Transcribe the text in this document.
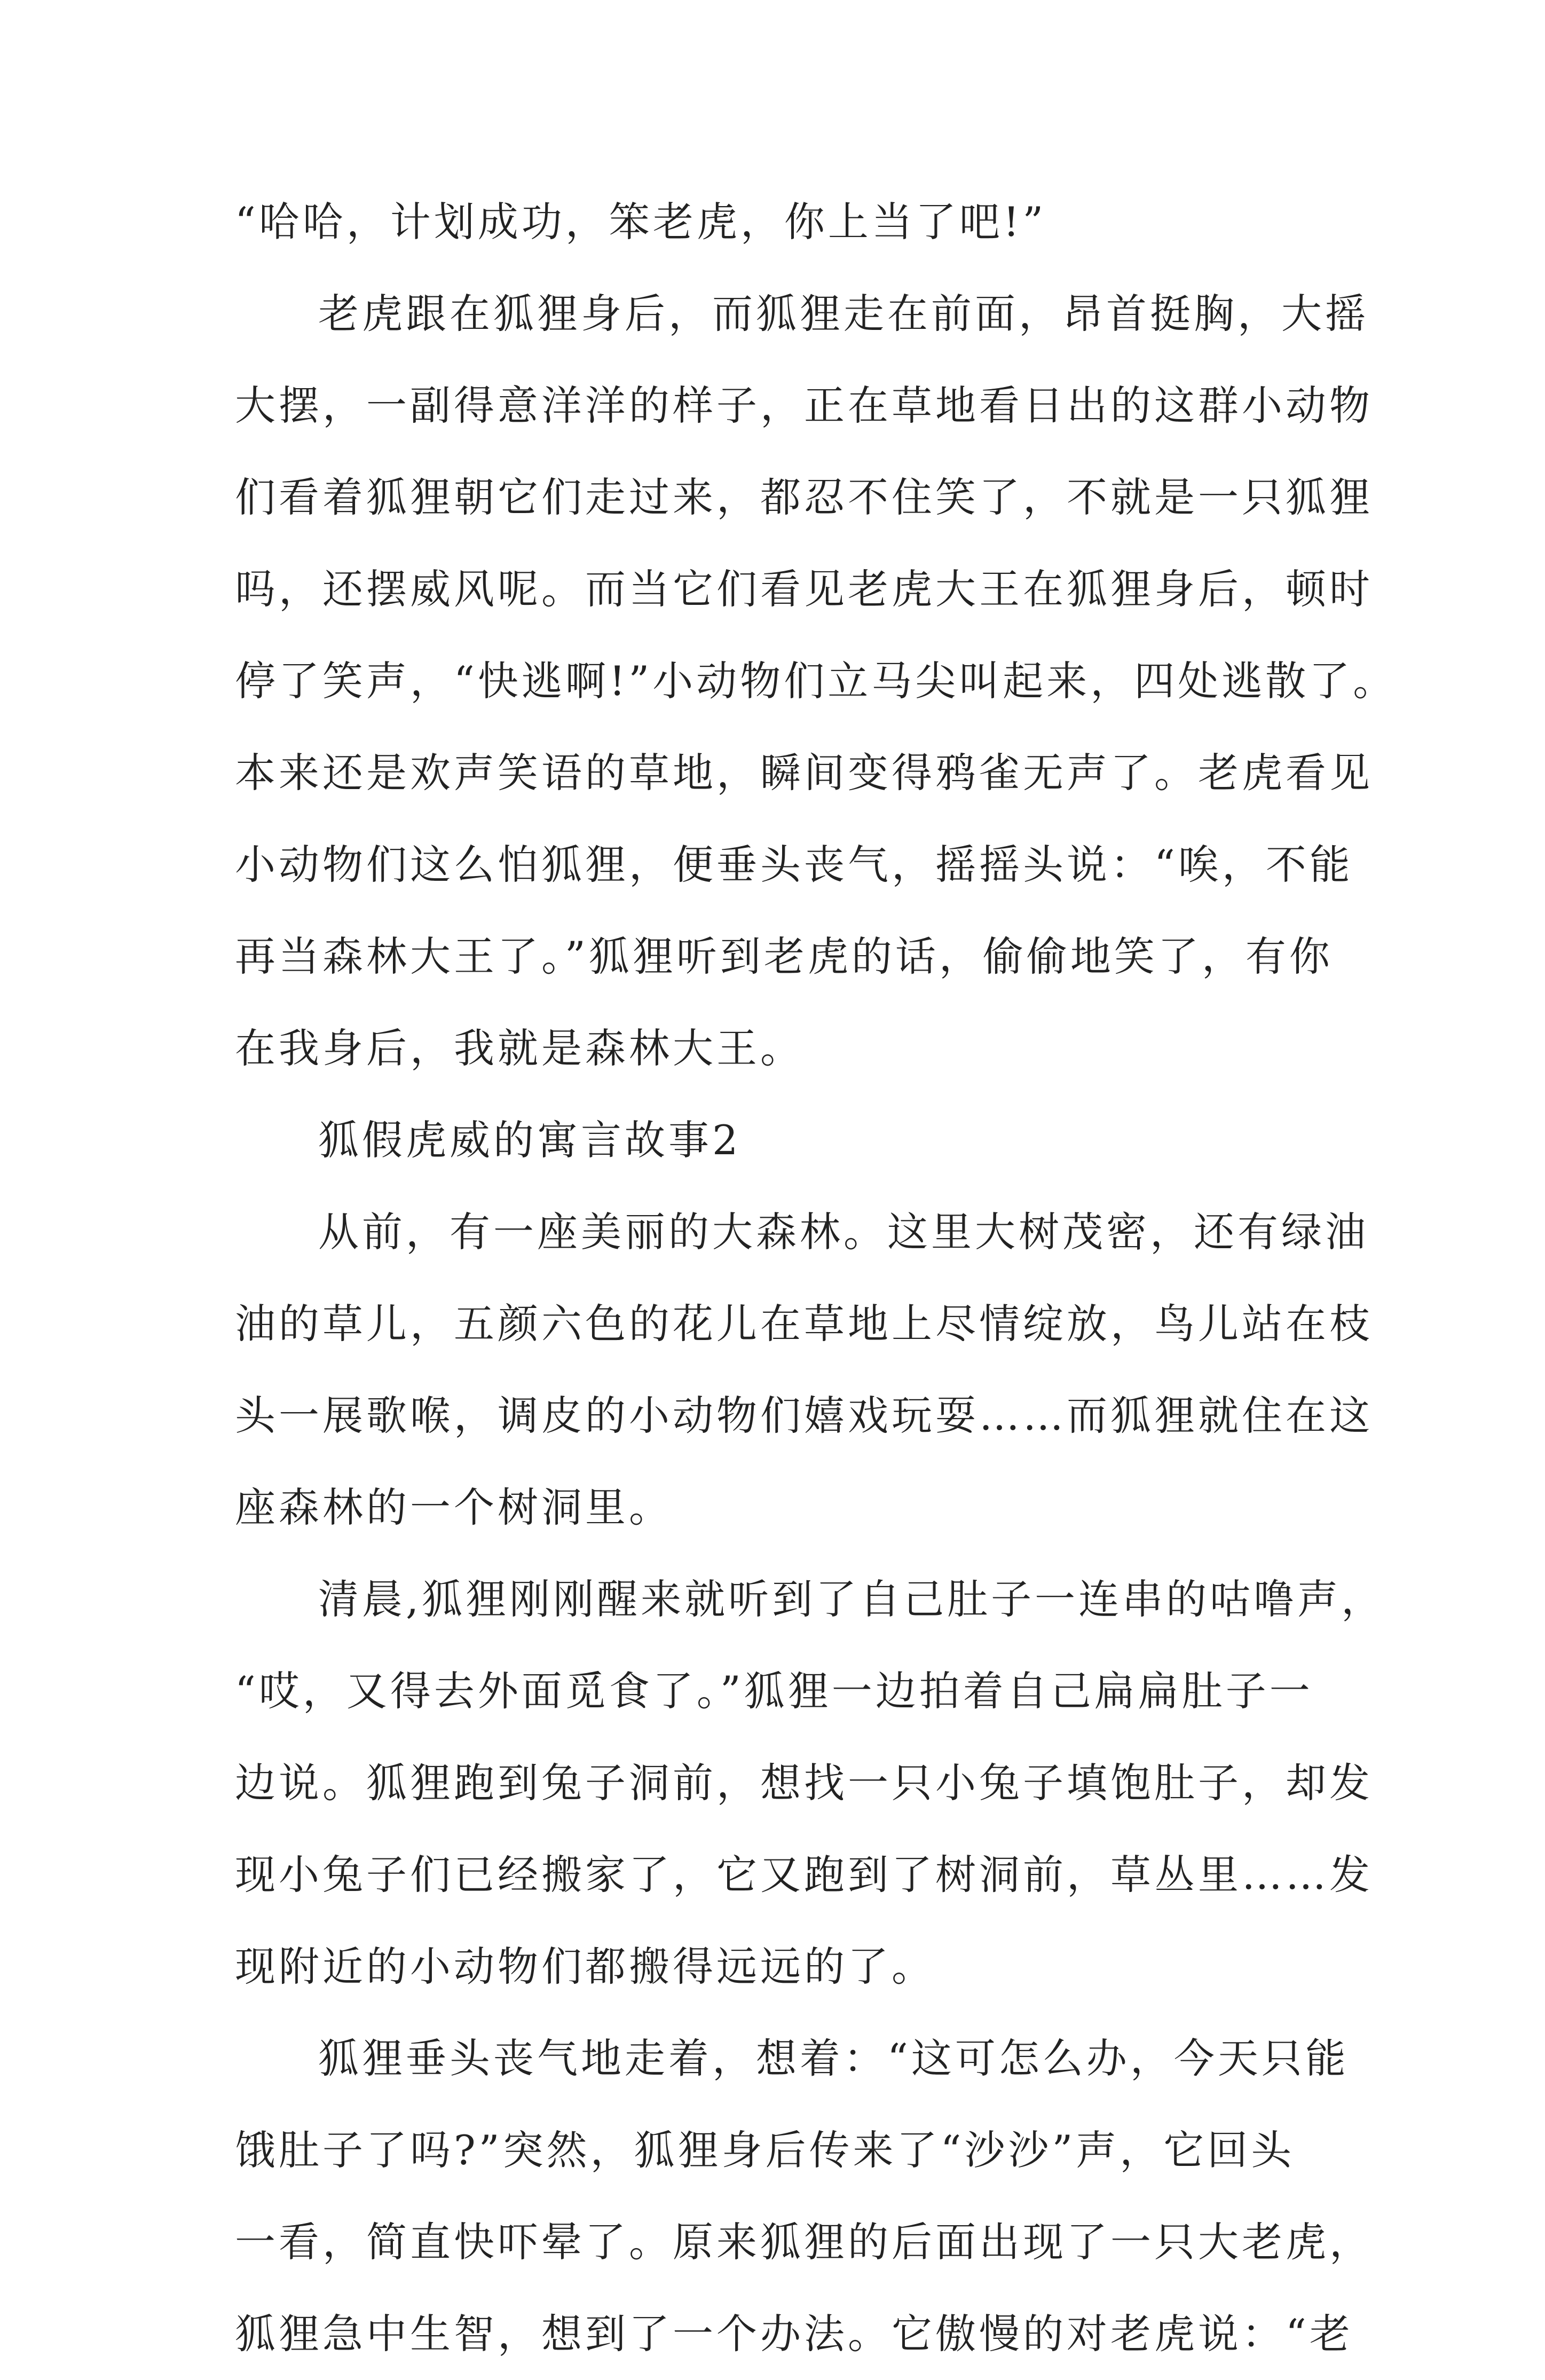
“哈哈，计划成功，笨老虎，你上当了吧!”
老虎跟在狐狸身后，而狐狸走在前面，昂首挺胸，大摇
大摆，一副得意洋洋的样子，正在草地看日出的这群小动物
们看着狐狸朝它们走过来，都忍不住笑了，不就是一只狐狸
吗，还摆威风呢。而当它们看见老虎大王在狐狸身后，顿时
停了笑声，“快逃啊!”小动物们立马尖叫起来，四处逃散了。
本来还是欢声笑语的草地，瞬间变得鸦雀无声了。老虎看见
小动物们这么怕狐狸，便垂头丧气，摇摇头说：“唉，不能
再当森林大王了。”狐狸听到老虎的话，偷偷地笑了，有你
在我身后，我就是森林大王。
狐假虎威的寓言故事2
从前，有一座美丽的大森林。这里大树茂密，还有绿油
油的草儿，五颜六色的花儿在草地上尽情绽放，鸟儿站在枝
头一展歌喉，调皮的小动物们嬉戏玩耍……而狐狸就住在这
座森林的一个树洞里。
清晨,狐狸刚刚醒来就听到了自己肚子一连串的咕噜声，
“哎，又得去外面觅食了。”狐狸一边拍着自己扁扁肚子一
边说。狐狸跑到兔子洞前，想找一只小兔子填饱肚子，却发
现小兔子们已经搬家了，它又跑到了树洞前，草丛里……发
现附近的小动物们都搬得远远的了。
狐狸垂头丧气地走着，想着：“这可怎么办，今天只能
饿肚子了吗?”突然，狐狸身后传来了“沙沙”声，它回头
一看，简直快吓晕了。原来狐狸的后面出现了一只大老虎，
狐狸急中生智，想到了一个办法。它傲慢的对老虎说：“老
